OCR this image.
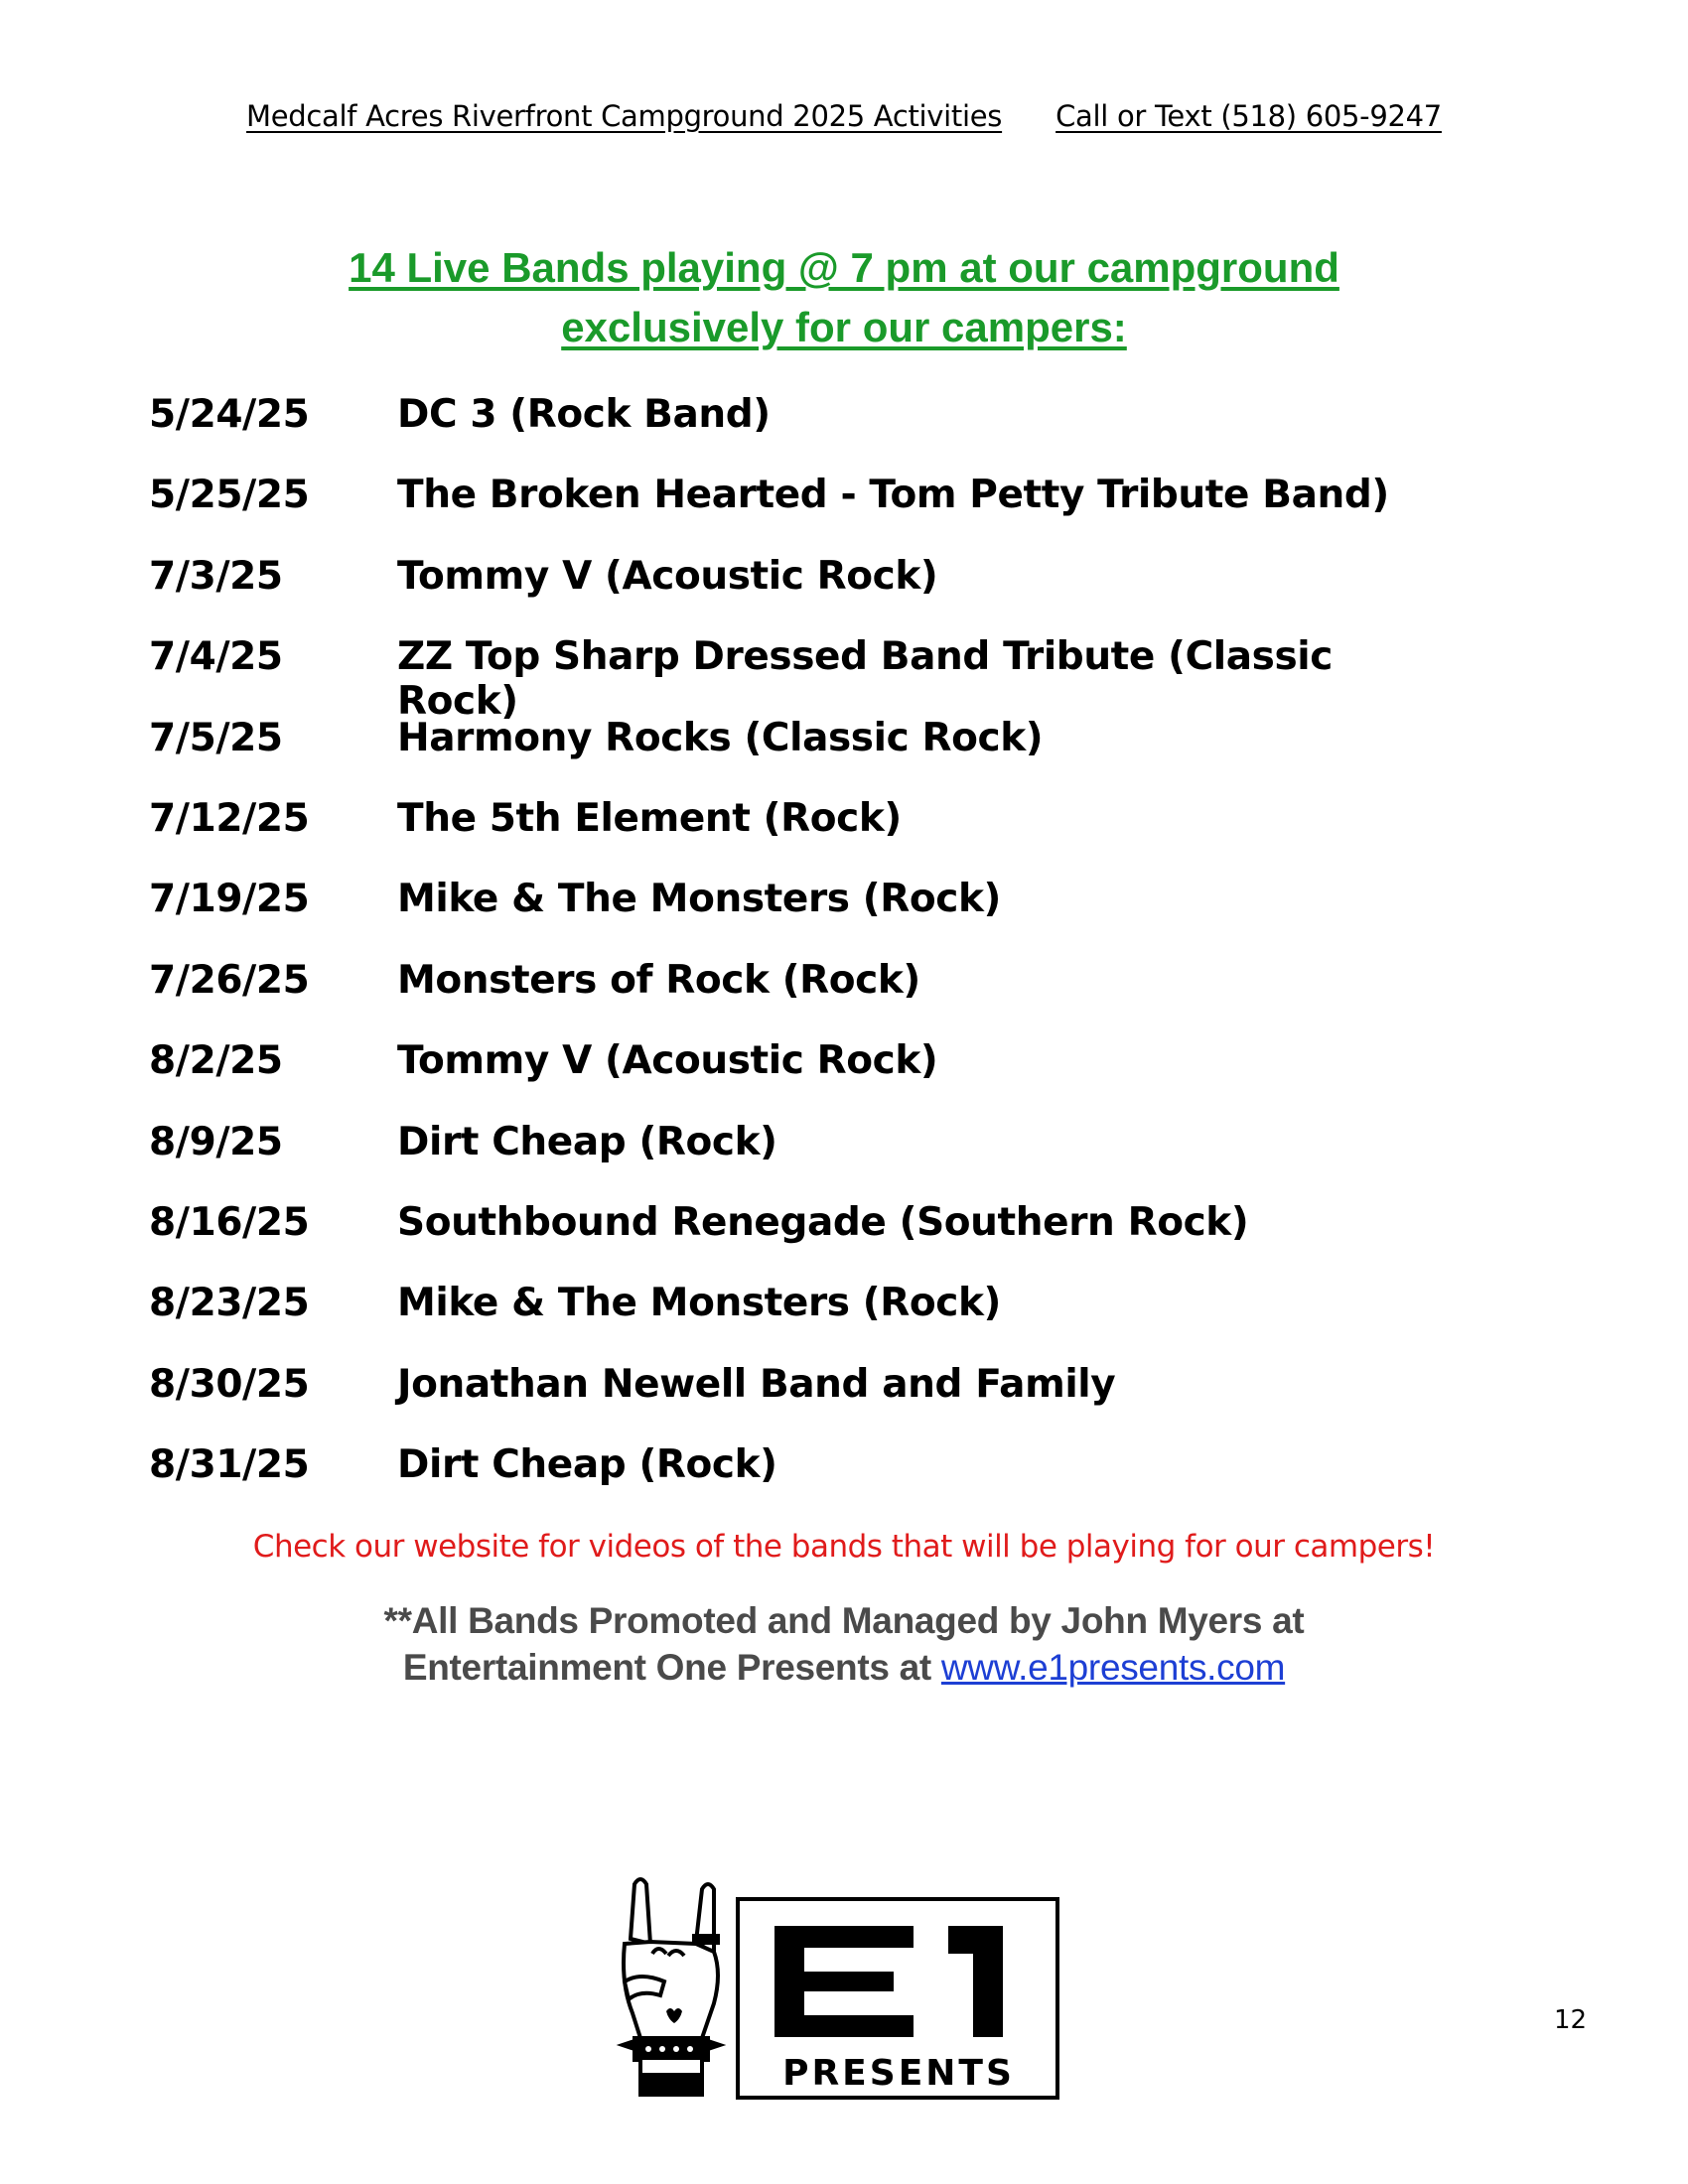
Medcalf Acres Riverfront Campground 2025 Activities Call or Text (518) 605-9247
14 Live Bands playing @ 7 pm at our campground
exclusively for our campers:
5/24/25	DC 3 (Rock Band)
5/25/25	The Broken Hearted - Tom Petty Tribute Band)
7/3/25	Tommy V (Acoustic Rock)
7/4/25	ZZ Top Sharp Dressed Band Tribute (Classic Rock)
7/5/25	Harmony Rocks (Classic Rock)
7/12/25	The 5th Element (Rock)
7/19/25	Mike & The Monsters (Rock)
7/26/25	Monsters of Rock (Rock)
8/2/25	Tommy V (Acoustic Rock)
8/9/25	Dirt Cheap (Rock)
8/16/25	Southbound Renegade (Southern Rock)
8/23/25	Mike & The Monsters (Rock)
8/30/25	Jonathan Newell Band and Family
8/31/25	Dirt Cheap (Rock)
Check our website for videos of the bands that will be playing for our campers!
**All Bands Promoted and Managed by John Myers at
Entertainment One Presents at www.e1presents.com
PRESENTS
12
